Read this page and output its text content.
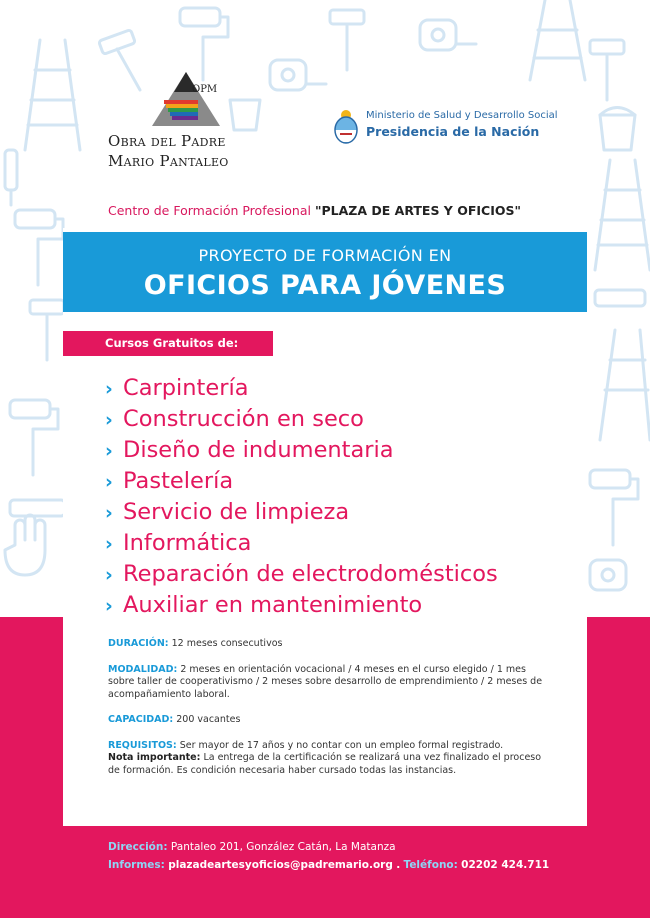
OPM
Obra del Padre
Mario Pantaleo
Ministerio de Salud y Desarrollo Social
Presidencia de la Nación
Centro de Formación Profesional "PLAZA DE ARTES Y OFICIOS"
PROYECTO DE FORMACIÓN EN
OFICIOS PARA JÓVENES
Cursos Gratuitos de:
› Carpintería
› Construcción en seco
› Diseño de indumentaria
› Pastelería
› Servicio de limpieza
› Informática
› Reparación de electrodomésticos
› Auxiliar en mantenimiento

DURACIÓN: 12 meses consecutivos

MODALIDAD: 2 meses en orientación vocacional / 4 meses en el curso elegido / 1 mes sobre taller de cooperativismo / 2 meses sobre desarrollo de emprendimiento / 2 meses de acompañamiento laboral.

CAPACIDAD: 200 vacantes

REQUISITOS: Ser mayor de 17 años y no contar con un empleo formal registrado.

Nota importante: La entrega de la certificación se realizará una vez finalizado el proceso de formación. Es condición necesaria haber cursado todas las instancias.

Dirección: Pantaleo 201, González Catán, La Matanza
Informes: plazadeartesyoficios@padremario.org . Teléfono: 02202 424.711
